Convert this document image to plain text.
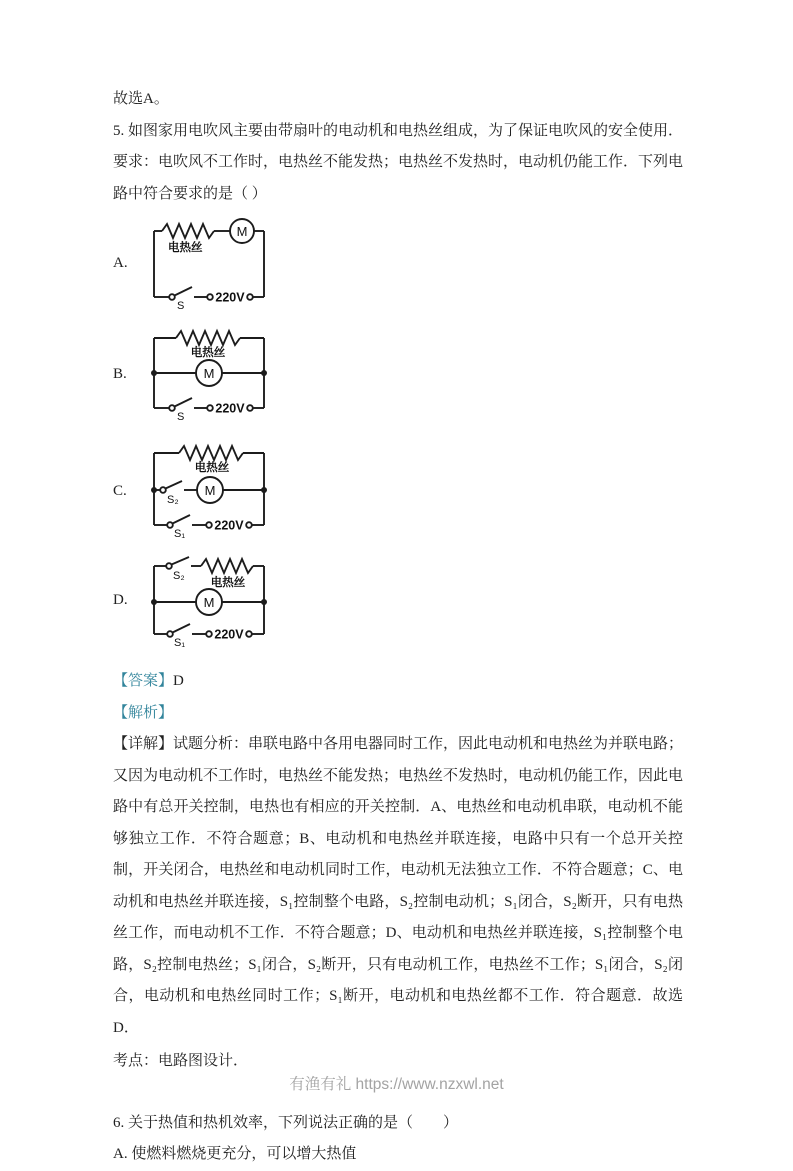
故选A。

5. 如图家用电吹风主要由带扇叶的电动机和电热丝组成，为了保证电吹风的安全使用．要求：电吹风不工作时，电热丝不能发热；电热丝不发热时，电动机仍能工作．下列电路中符合要求的是（ ）

A.
M
电热丝
S
220V
B.
电热丝
M
S
220V
C.
电热丝
S₂
M
S₁
220V
D.
S₂
电热丝
M
S₁
220V

【答案】D

【解析】

【详解】试题分析：串联电路中各用电器同时工作，因此电动机和电热丝为并联电路；又因为电动机不工作时，电热丝不能发热；电热丝不发热时，电动机仍能工作，因此电路中有总开关控制，电热也有相应的开关控制．A、电热丝和电动机串联，电动机不能够独立工作．不符合题意；B、电动机和电热丝并联连接，电路中只有一个总开关控制，开关闭合，电热丝和电动机同时工作，电动机无法独立工作．不符合题意；C、电动机和电热丝并联连接，S₁控制整个电路，S₂控制电动机；S₁闭合，S₂断开，只有电热丝工作，而电动机不工作．不符合题意；D、电动机和电热丝并联连接，S₁控制整个电路，S₂控制电热丝；S₁闭合，S₂断开，只有电动机工作，电热丝不工作；S₁闭合，S₂闭合，电动机和电热丝同时工作；S₁断开，电动机和电热丝都不工作．符合题意．故选D．

考点：电路图设计．

6. 关于热值和热机效率，下列说法正确的是（　　）

A. 使燃料燃烧更充分，可以增大热值

有渔有礼 https://www.nzxwl.net
